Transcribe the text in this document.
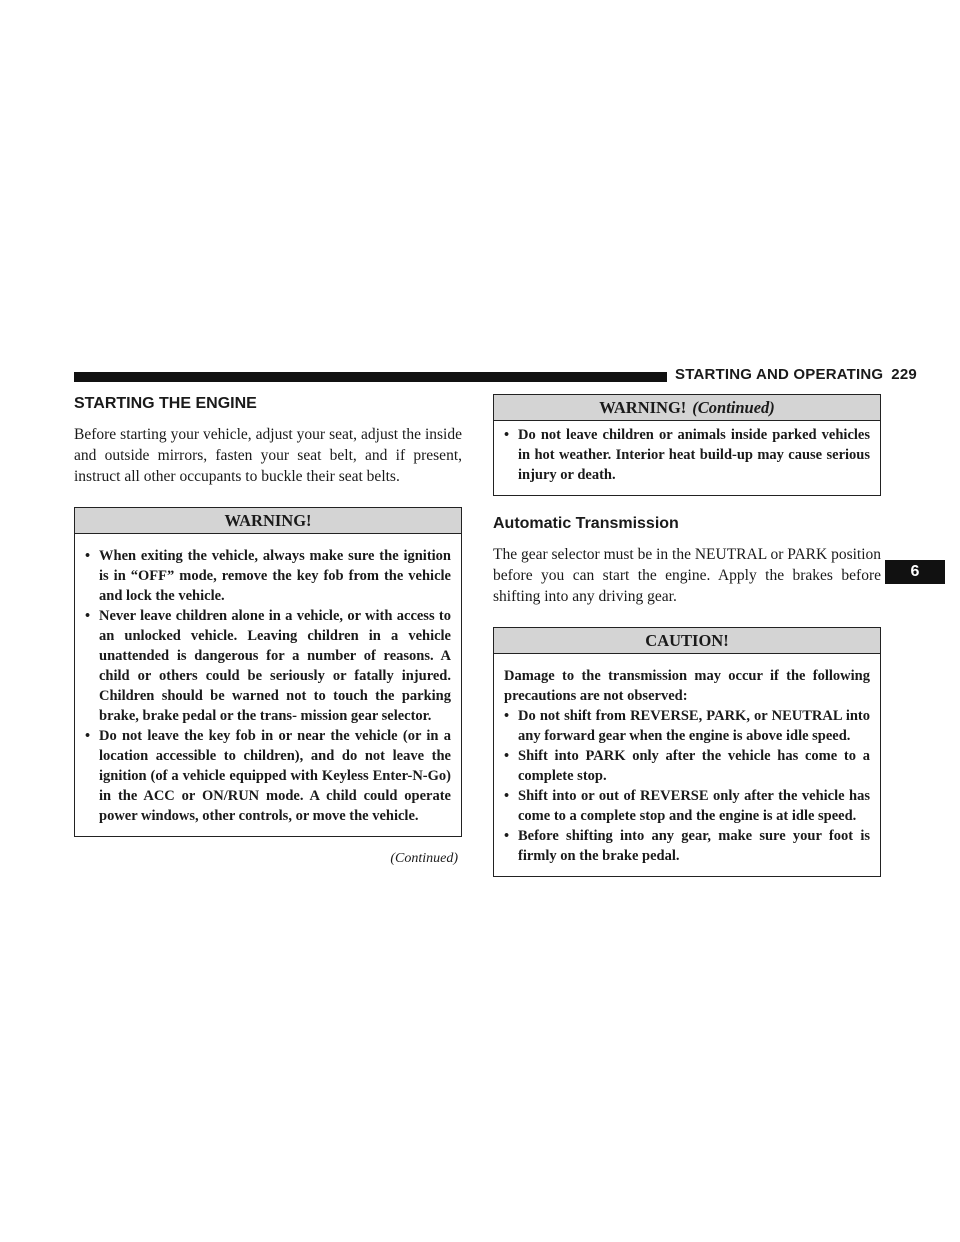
STARTING AND OPERATING 229
STARTING THE ENGINE

Before starting your vehicle, adjust your seat, adjust the inside and outside mirrors, fasten your seat belt, and if present, instruct all other occupants to buckle their seat belts.

WARNING!
• When exiting the vehicle, always make sure the ignition is in “OFF” mode, remove the key fob from the vehicle and lock the vehicle.
• Never leave children alone in a vehicle, or with access to an unlocked vehicle. Leaving children in a vehicle unattended is dangerous for a number of reasons. A child or others could be seriously or fatally injured. Children should be warned not to touch the parking brake, brake pedal or the trans- mission gear selector.
• Do not leave the key fob in or near the vehicle (or in a location accessible to children), and do not leave the ignition (of a vehicle equipped with Keyless Enter-N-Go) in the ACC or ON/RUN mode. A child could operate power windows, other controls, or move the vehicle.
(Continued)
WARNING! (Continued)
• Do not leave children or animals inside parked vehicles in hot weather. Interior heat build-up may cause serious injury or death.
Automatic Transmission

The gear selector must be in the NEUTRAL or PARK position before you can start the engine. Apply the brakes before shifting into any driving gear.

CAUTION!

Damage to the transmission may occur if the following precautions are not observed:

• Do not shift from REVERSE, PARK, or NEUTRAL into any forward gear when the engine is above idle speed.
• Shift into PARK only after the vehicle has come to a complete stop.
• Shift into or out of REVERSE only after the vehicle has come to a complete stop and the engine is at idle speed.
• Before shifting into any gear, make sure your foot is firmly on the brake pedal.
6
